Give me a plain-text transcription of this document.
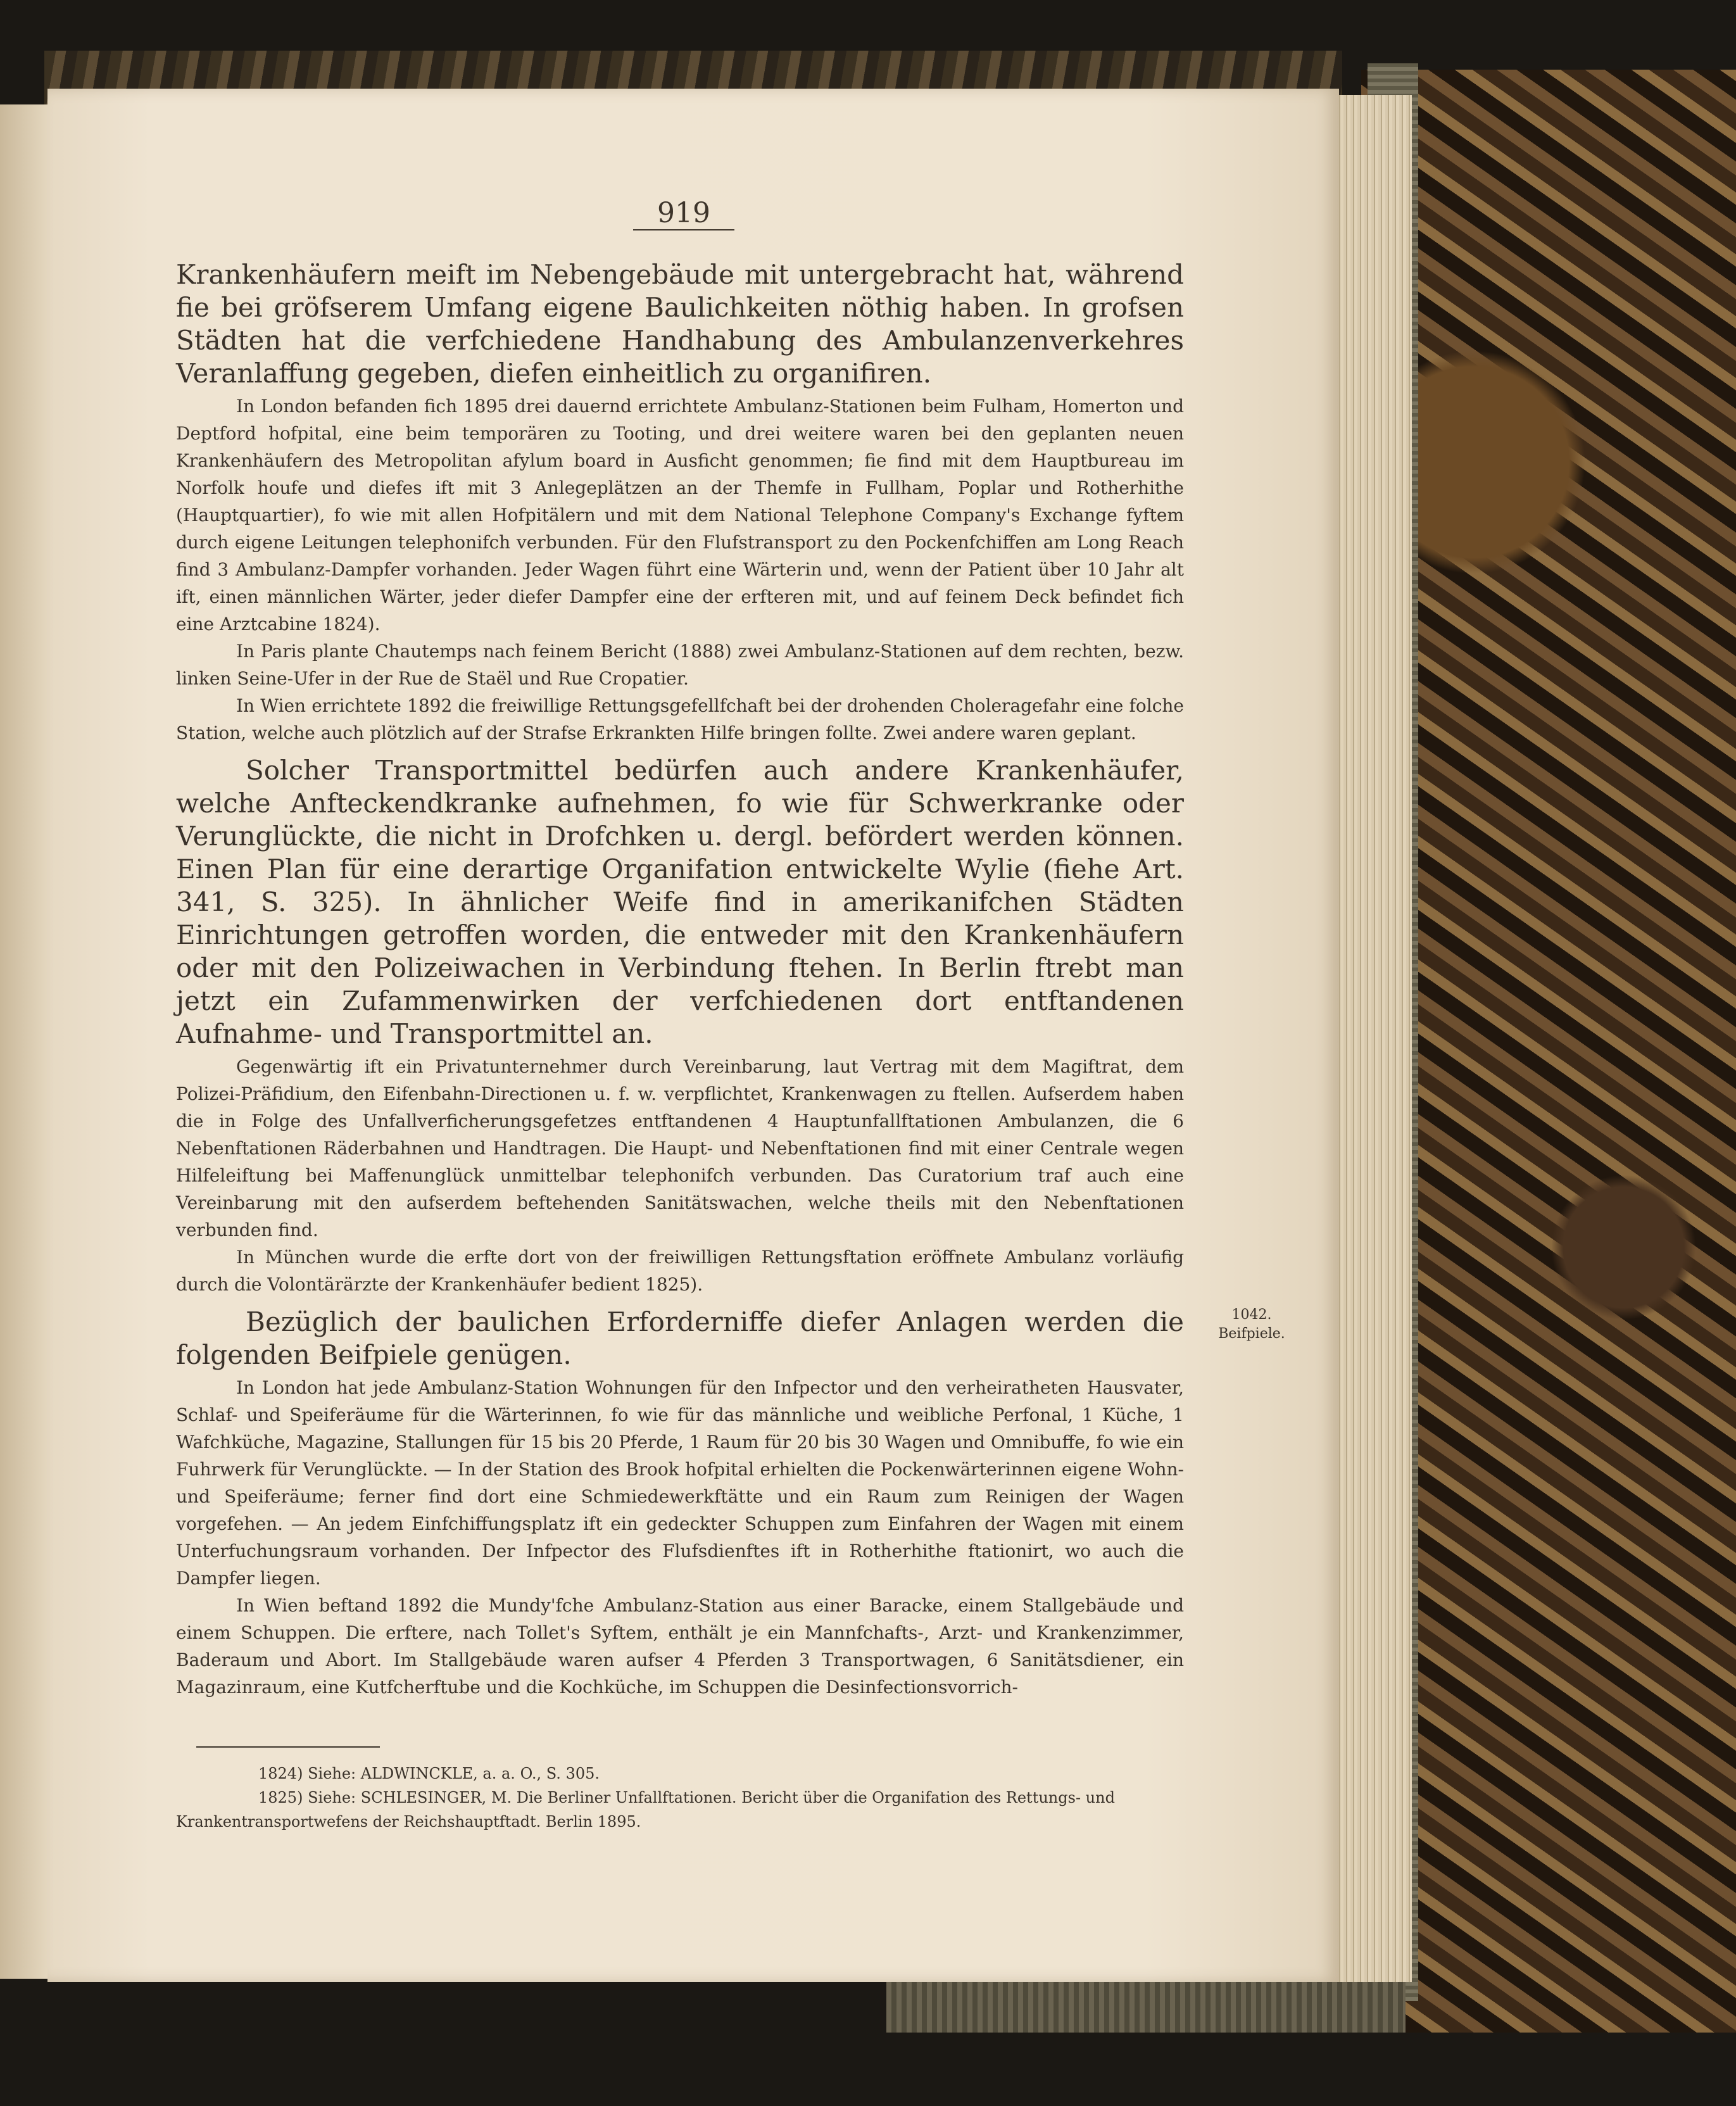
919

Krankenhäufern meift im Nebengebäude mit untergebracht hat, während fie bei gröfserem Umfang eigene Baulichkeiten nöthig haben. In grofsen Städten hat die verfchiedene Handhabung des Ambulanzenverkehres Veranlaffung gegeben, diefen einheitlich zu organifiren.

In London befanden fich 1895 drei dauernd errichtete Ambulanz-Stationen beim Fulham, Homerton und Deptford hofpital, eine beim temporären zu Tooting, und drei weitere waren bei den geplanten neuen Krankenhäufern des Metropolitan afylum board in Ausficht genommen; fie find mit dem Hauptbureau im Norfolk houfe und diefes ift mit 3 Anlegeplätzen an der Themfe in Fullham, Poplar und Rotherhithe (Hauptquartier), fo wie mit allen Hofpitälern und mit dem National Telephone Company's Exchange fyftem durch eigene Leitungen telephonifch verbunden. Für den Flufstransport zu den Pockenfchiffen am Long Reach find 3 Ambulanz-Dampfer vorhanden. Jeder Wagen führt eine Wärterin und, wenn der Patient über 10 Jahr alt ift, einen männlichen Wärter, jeder diefer Dampfer eine der erfteren mit, und auf feinem Deck befindet fich eine Arztcabine 1824).

In Paris plante Chautemps nach feinem Bericht (1888) zwei Ambulanz-Stationen auf dem rechten, bezw. linken Seine-Ufer in der Rue de Staël und Rue Cropatier.

In Wien errichtete 1892 die freiwillige Rettungsgefellfchaft bei der drohenden Choleragefahr eine folche Station, welche auch plötzlich auf der Strafse Erkrankten Hilfe bringen follte. Zwei andere waren geplant.

Solcher Transportmittel bedürfen auch andere Krankenhäufer, welche Anfteckendkranke aufnehmen, fo wie für Schwerkranke oder Verunglückte, die nicht in Drofchken u. dergl. befördert werden können. Einen Plan für eine derartige Organifation entwickelte Wylie (fiehe Art. 341, S. 325). In ähnlicher Weife find in amerikanifchen Städten Einrichtungen getroffen worden, die entweder mit den Krankenhäufern oder mit den Polizeiwachen in Verbindung ftehen. In Berlin ftrebt man jetzt ein Zufammenwirken der verfchiedenen dort entftandenen Aufnahme- und Transportmittel an.

Gegenwärtig ift ein Privatunternehmer durch Vereinbarung, laut Vertrag mit dem Magiftrat, dem Polizei-Präfidium, den Eifenbahn-Directionen u. f. w. verpflichtet, Krankenwagen zu ftellen. Aufserdem haben die in Folge des Unfallverficherungsgefetzes entftandenen 4 Hauptunfallftationen Ambulanzen, die 6 Nebenftationen Räderbahnen und Handtragen. Die Haupt- und Nebenftationen find mit einer Centrale wegen Hilfeleiftung bei Maffenunglück unmittelbar telephonifch verbunden. Das Curatorium traf auch eine Vereinbarung mit den aufserdem beftehenden Sanitätswachen, welche theils mit den Nebenftationen verbunden find.

In München wurde die erfte dort von der freiwilligen Rettungsftation eröffnete Ambulanz vorläufig durch die Volontärärzte der Krankenhäufer bedient 1825).

Bezüglich der baulichen Erforderniffe diefer Anlagen werden die folgenden Beifpiele genügen.

In London hat jede Ambulanz-Station Wohnungen für den Infpector und den verheiratheten Hausvater, Schlaf- und Speiferäume für die Wärterinnen, fo wie für das männliche und weibliche Perfonal, 1 Küche, 1 Wafchküche, Magazine, Stallungen für 15 bis 20 Pferde, 1 Raum für 20 bis 30 Wagen und Omnibuffe, fo wie ein Fuhrwerk für Verunglückte. — In der Station des Brook hofpital erhielten die Pockenwärterinnen eigene Wohn- und Speiferäume; ferner find dort eine Schmiedewerkftätte und ein Raum zum Reinigen der Wagen vorgefehen. — An jedem Einfchiffungsplatz ift ein gedeckter Schuppen zum Einfahren der Wagen mit einem Unterfuchungsraum vorhanden. Der Infpector des Flufsdienftes ift in Rotherhithe ftationirt, wo auch die Dampfer liegen.

In Wien beftand 1892 die Mundy'fche Ambulanz-Station aus einer Baracke, einem Stallgebäude und einem Schuppen. Die erftere, nach Tollet's Syftem, enthält je ein Mannfchafts-, Arzt- und Krankenzimmer, Baderaum und Abort. Im Stallgebäude waren aufser 4 Pferden 3 Transportwagen, 6 Sanitätsdiener, ein Magazinraum, eine Kutfcherftube und die Kochküche, im Schuppen die Desinfectionsvorrich-

1042.
Beifpiele.

1824) Siehe: ALDWINCKLE, a. a. O., S. 305.

1825) Siehe: SCHLESINGER, M. Die Berliner Unfallftationen. Bericht über die Organifation des Rettungs- und Krankentransportwefens der Reichshauptftadt. Berlin 1895.
